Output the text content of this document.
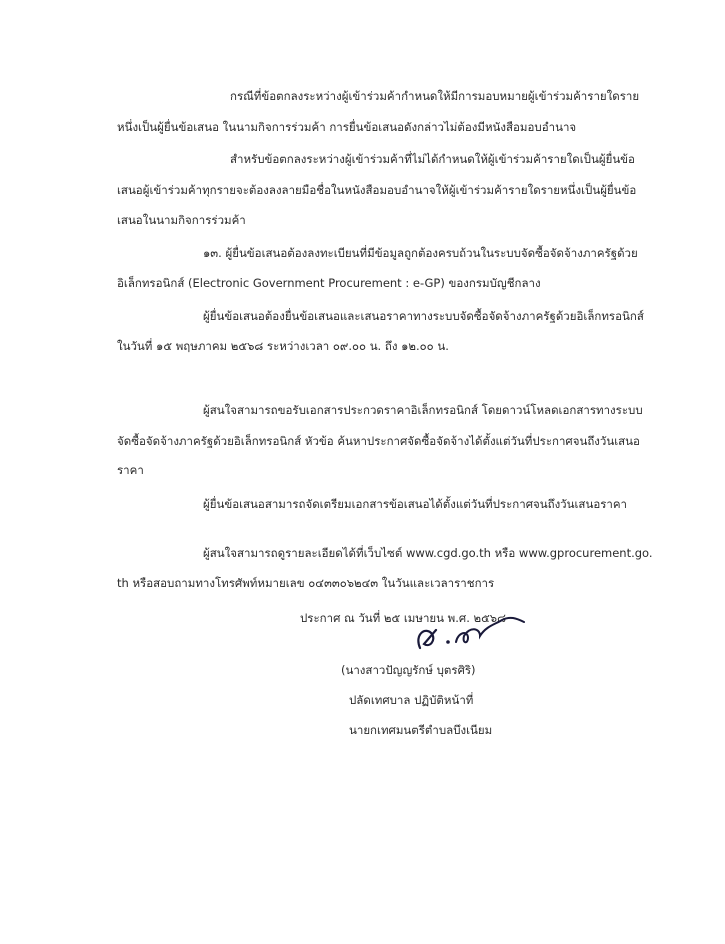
กรณีที่ข้อตกลงระหว่างผู้เข้าร่วมค้ากำหนดให้มีการมอบหมายผู้เข้าร่วมค้ารายใดราย
หนึ่งเป็นผู้ยื่นข้อเสนอ ในนามกิจการร่วมค้า การยื่นข้อเสนอดังกล่าวไม่ต้องมีหนังสือมอบอำนาจ
สำหรับข้อตกลงระหว่างผู้เข้าร่วมค้าที่ไม่ได้กำหนดให้ผู้เข้าร่วมค้ารายใดเป็นผู้ยื่นข้อ
เสนอผู้เข้าร่วมค้าทุกรายจะต้องลงลายมือชื่อในหนังสือมอบอำนาจให้ผู้เข้าร่วมค้ารายใดรายหนึ่งเป็นผู้ยื่นข้อ
เสนอในนามกิจการร่วมค้า
๑๓. ผู้ยื่นข้อเสนอต้องลงทะเบียนที่มีข้อมูลถูกต้องครบถ้วนในระบบจัดซื้อจัดจ้างภาครัฐด้วย
อิเล็กทรอนิกส์ (Electronic Government Procurement : e-GP) ของกรมบัญชีกลาง
ผู้ยื่นข้อเสนอต้องยื่นข้อเสนอและเสนอราคาทางระบบจัดซื้อจัดจ้างภาครัฐด้วยอิเล็กทรอนิกส์
ในวันที่ ๑๕ พฤษภาคม ๒๕๖๘ ระหว่างเวลา ๐๙.๐๐ น. ถึง ๑๒.๐๐ น.
ผู้สนใจสามารถขอรับเอกสารประกวดราคาอิเล็กทรอนิกส์ โดยดาวน์โหลดเอกสารทางระบบ
จัดซื้อจัดจ้างภาครัฐด้วยอิเล็กทรอนิกส์ หัวข้อ ค้นหาประกาศจัดซื้อจัดจ้างได้ตั้งแต่วันที่ประกาศจนถึงวันเสนอ
ราคา
ผู้ยื่นข้อเสนอสามารถจัดเตรียมเอกสารข้อเสนอได้ตั้งแต่วันที่ประกาศจนถึงวันเสนอราคา
ผู้สนใจสามารถดูรายละเอียดได้ที่เว็บไซต์ www.cgd.go.th หรือ www.gprocurement.go.
th หรือสอบถามทางโทรศัพท์หมายเลข ๐๔๓๓๐๖๒๔๓ ในวันและเวลาราชการ
ประกาศ ณ วันที่ ๒๕ เมษายน พ.ศ. ๒๕๖๘
(นางสาวปัญญรักษ์ บุตรศิริ)
ปลัดเทศบาล ปฏิบัติหน้าที่
นายกเทศมนตรีตำบลบึงเนียม
